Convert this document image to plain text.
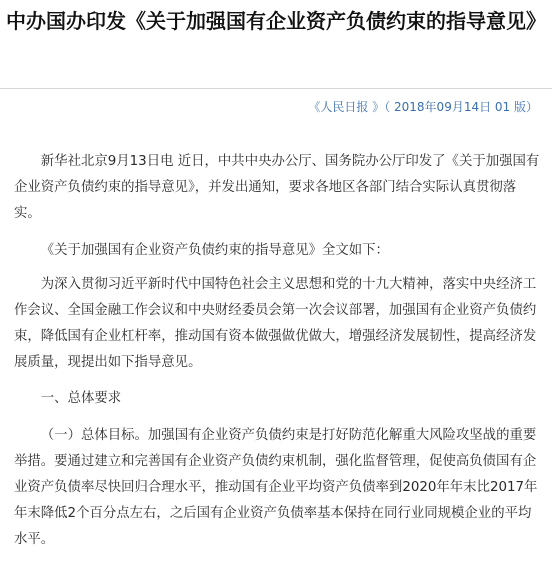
中办国办印发《关于加强国有企业资产负债约束的指导意见》
《人民日报 》（ 2018年09月14日 01 版）

新华社北京9月13日电 近日，中共中央办公厅、国务院办公厅印发了《关于加强国有企业资产负债约束的指导意见》，并发出通知，要求各地区各部门结合实际认真贯彻落实。

《关于加强国有企业资产负债约束的指导意见》全文如下：

为深入贯彻习近平新时代中国特色社会主义思想和党的十九大精神，落实中央经济工作会议、全国金融工作会议和中央财经委员会第一次会议部署，加强国有企业资产负债约束，降低国有企业杠杆率，推动国有资本做强做优做大，增强经济发展韧性，提高经济发展质量，现提出如下指导意见。

一、总体要求

（一）总体目标。加强国有企业资产负债约束是打好防范化解重大风险攻坚战的重要举措。要通过建立和完善国有企业资产负债约束机制，强化监督管理，促使高负债国有企业资产负债率尽快回归合理水平，推动国有企业平均资产负债率到2020年年末比2017年年末降低2个百分点左右，之后国有企业资产负债率基本保持在同行业同规模企业的平均水平。
